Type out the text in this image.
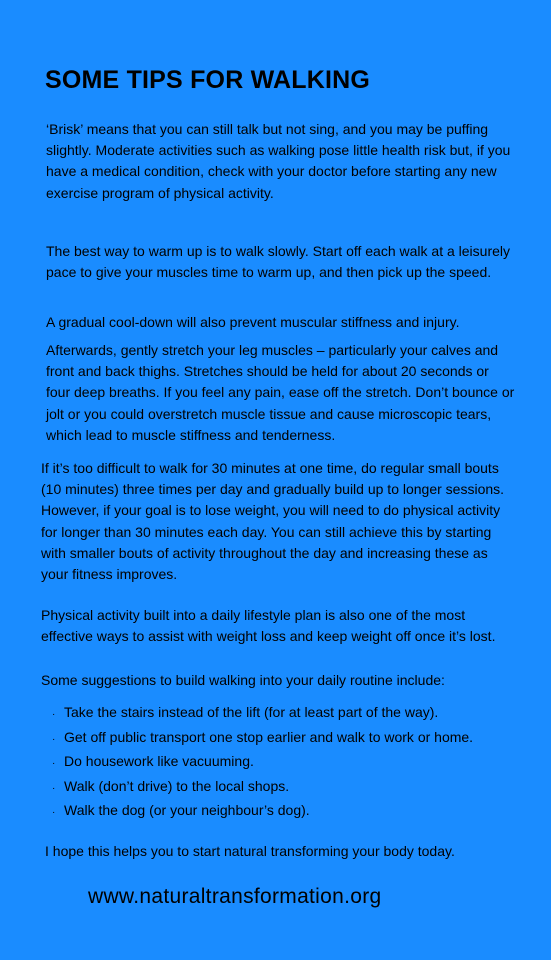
SOME TIPS FOR WALKING

‘Brisk’ means that you can still talk but not sing, and you may be puffing slightly. Moderate activities such as walking pose little health risk but, if you have a medical condition, check with your doctor before starting any new exercise program of physical activity.

The best way to warm up is to walk slowly. Start off each walk at a leisurely pace to give your muscles time to warm up, and then pick up the speed.

A gradual cool-down will also prevent muscular stiffness and injury.

Afterwards, gently stretch your leg muscles – particularly your calves and front and back thighs. Stretches should be held for about 20 seconds or four deep breaths. If you feel any pain, ease off the stretch. Don’t bounce or jolt or you could overstretch muscle tissue and cause microscopic tears, which lead to muscle stiffness and tenderness.

If it’s too difficult to walk for 30 minutes at one time, do regular small bouts (10 minutes) three times per day and gradually build up to longer sessions. However, if your goal is to lose weight, you will need to do physical activity for longer than 30 minutes each day. You can still achieve this by starting with smaller bouts of activity throughout the day and increasing these as your fitness improves.

Physical activity built into a daily lifestyle plan is also one of the most effective ways to assist with weight loss and keep weight off once it’s lost.

Some suggestions to build walking into your daily routine include:

· Take the stairs instead of the lift (for at least part of the way).
· Get off public transport one stop earlier and walk to work or home.
· Do housework like vacuuming.
· Walk (don’t drive) to the local shops.
· Walk the dog (or your neighbour’s dog).

I hope this helps you to start natural transforming your body today.

www.naturaltransformation.org
